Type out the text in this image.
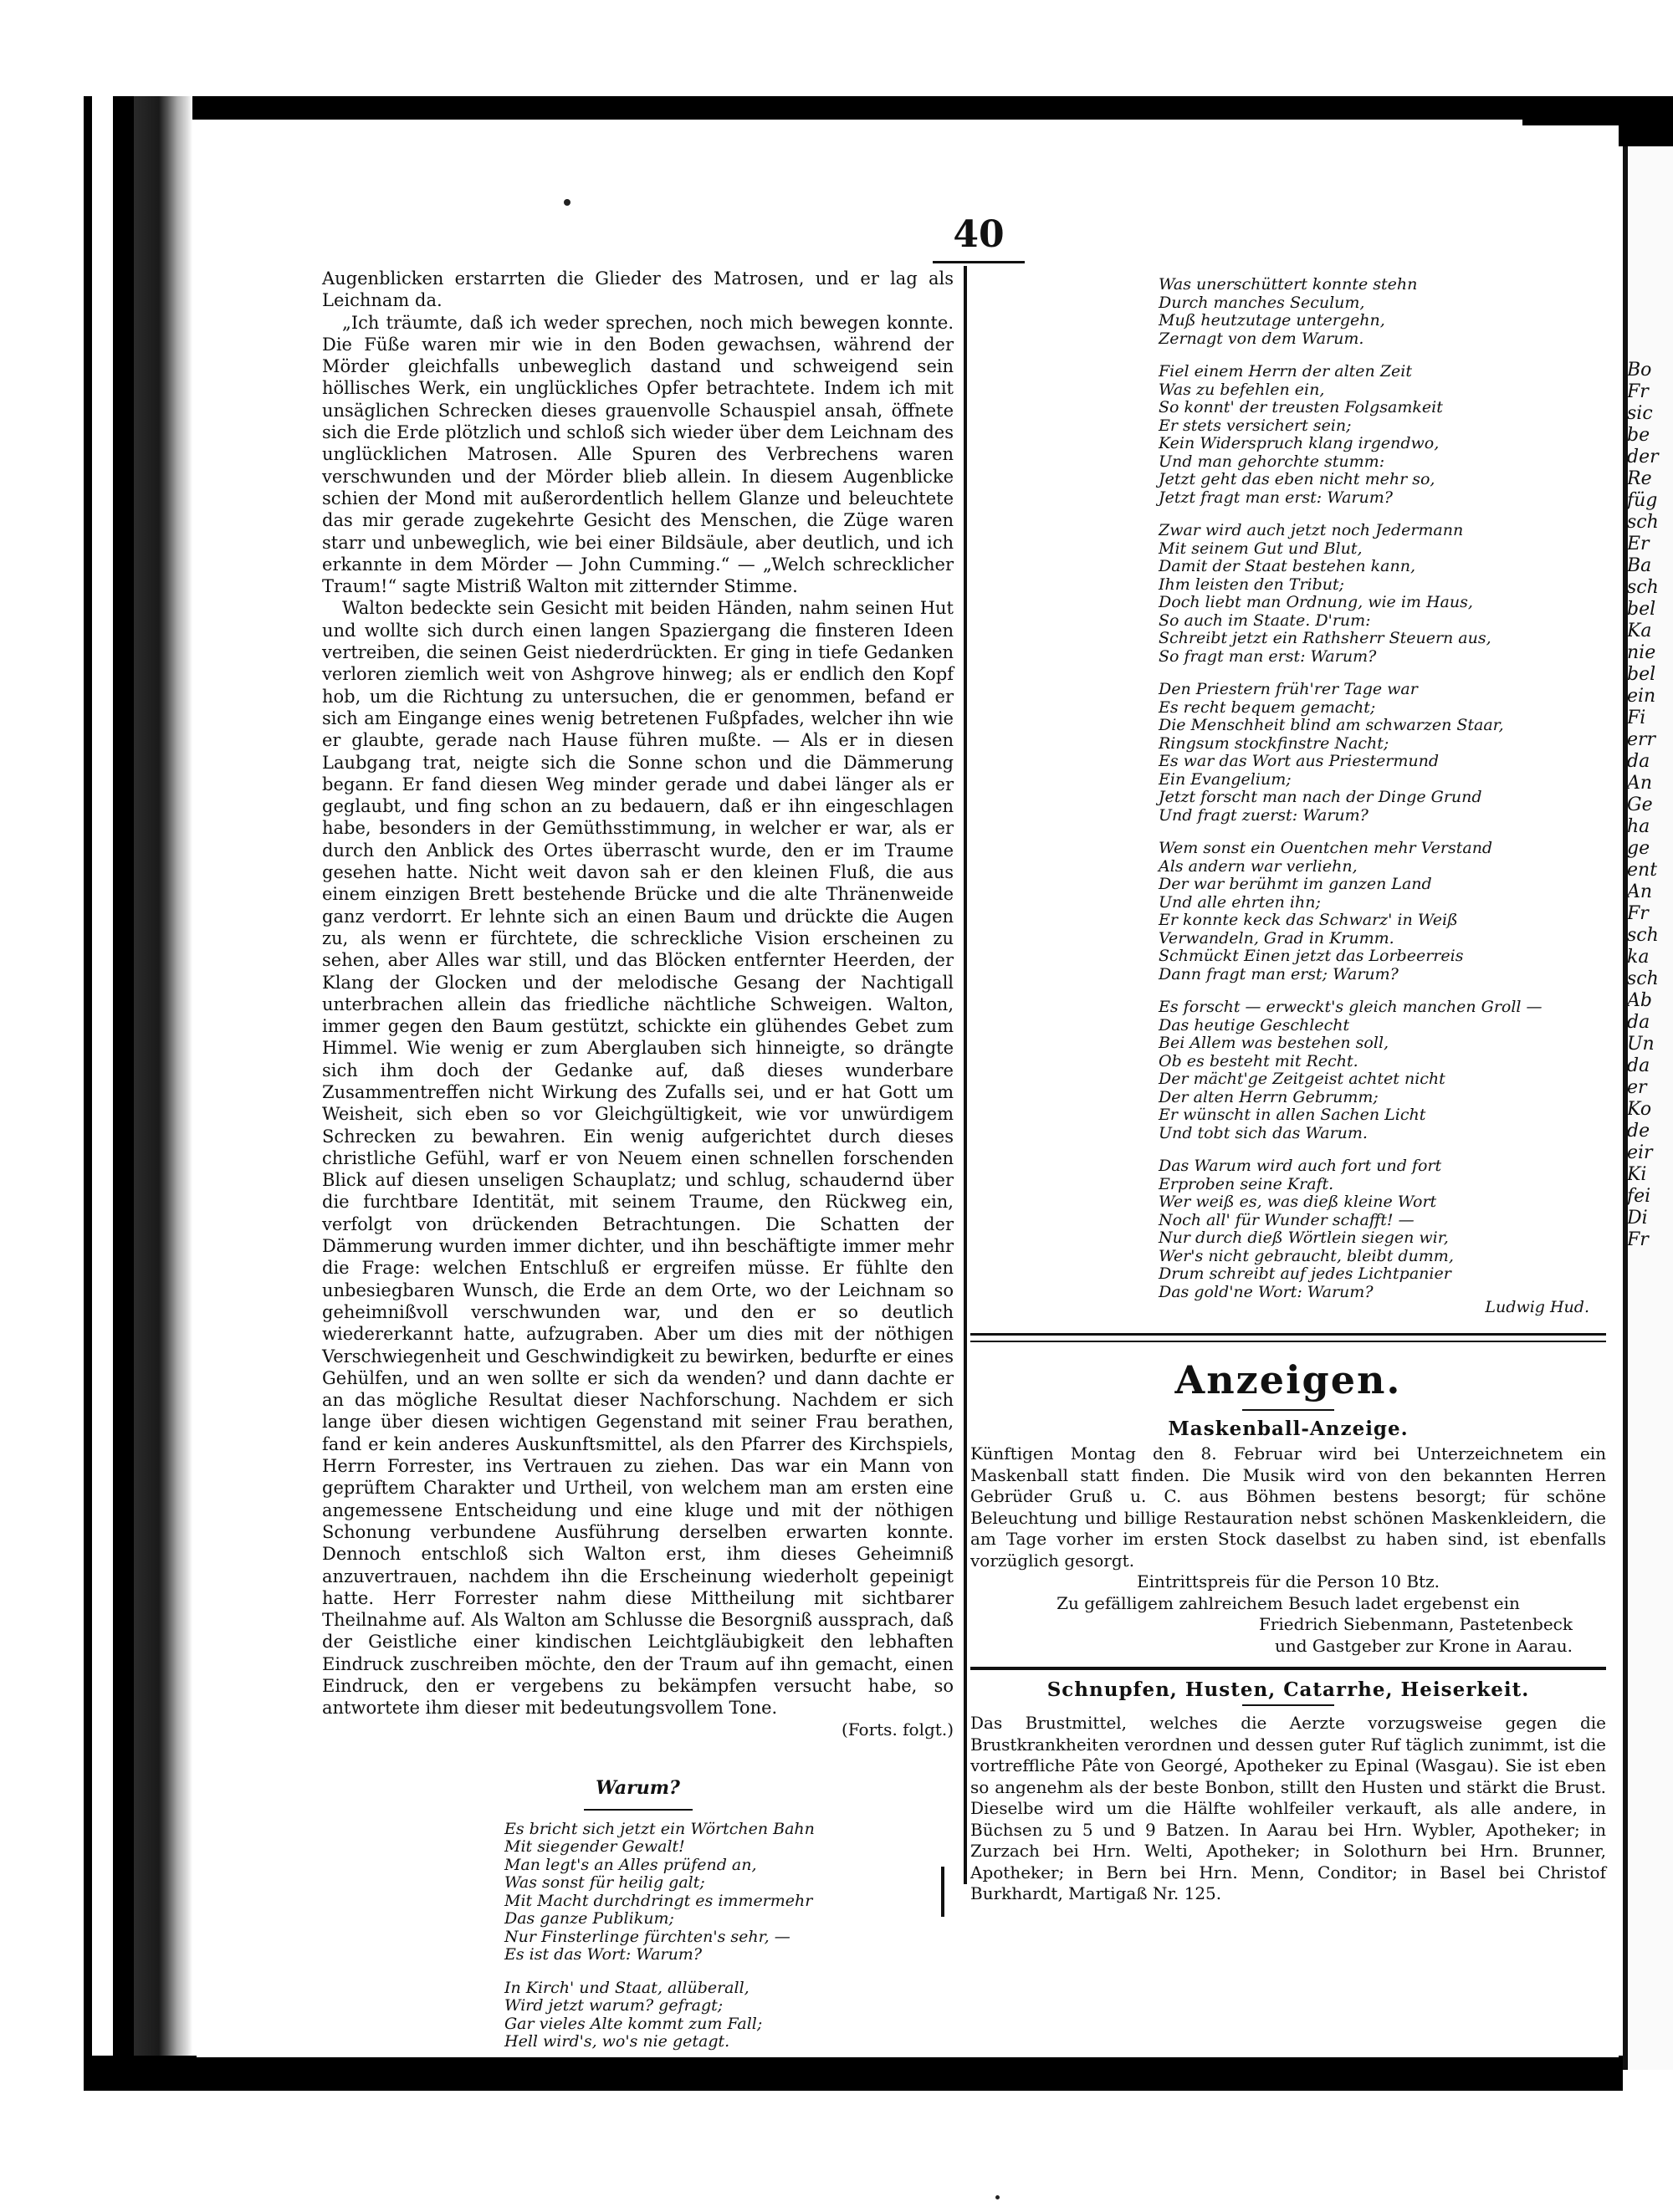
40

Augenblicken erstarrten die Glieder des Matrosen, und er lag als Leichnam da.

„Ich träumte, daß ich weder sprechen, noch mich bewegen konnte. Die Füße waren mir wie in den Boden gewachsen, während der Mörder gleichfalls unbeweglich dastand und schweigend sein höllisches Werk, ein unglückliches Opfer betrachtete. Indem ich mit unsäglichen Schrecken dieses grauenvolle Schauspiel ansah, öffnete sich die Erde plötzlich und schloß sich wieder über dem Leichnam des unglücklichen Matrosen. Alle Spuren des Verbrechens waren verschwunden und der Mörder blieb allein. In diesem Augenblicke schien der Mond mit außerordentlich hellem Glanze und beleuchtete das mir gerade zugekehrte Gesicht des Menschen, die Züge waren starr und unbeweglich, wie bei einer Bildsäule, aber deutlich, und ich erkannte in dem Mörder — John Cumming.“ — „Welch schrecklicher Traum!“ sagte Mistriß Walton mit zitternder Stimme.

Walton bedeckte sein Gesicht mit beiden Händen, nahm seinen Hut und wollte sich durch einen langen Spaziergang die finsteren Ideen vertreiben, die seinen Geist niederdrückten. Er ging in tiefe Gedanken verloren ziemlich weit von Ashgrove hinweg; als er endlich den Kopf hob, um die Richtung zu untersuchen, die er genommen, befand er sich am Eingange eines wenig betretenen Fußpfades, welcher ihn wie er glaubte, gerade nach Hause führen mußte. — Als er in diesen Laubgang trat, neigte sich die Sonne schon und die Dämmerung begann. Er fand diesen Weg minder gerade und dabei länger als er geglaubt, und fing schon an zu bedauern, daß er ihn eingeschlagen habe, besonders in der Gemüthsstimmung, in welcher er war, als er durch den Anblick des Ortes überrascht wurde, den er im Traume gesehen hatte. Nicht weit davon sah er den kleinen Fluß, die aus einem einzigen Brett bestehende Brücke und die alte Thränenweide ganz verdorrt. Er lehnte sich an einen Baum und drückte die Augen zu, als wenn er fürchtete, die schreckliche Vision erscheinen zu sehen, aber Alles war still, und das Blöcken entfernter Heerden, der Klang der Glocken und der melodische Gesang der Nachtigall unterbrachen allein das friedliche nächtliche Schweigen. Walton, immer gegen den Baum gestützt, schickte ein glühendes Gebet zum Himmel. Wie wenig er zum Aberglauben sich hinneigte, so drängte sich ihm doch der Gedanke auf, daß dieses wunderbare Zusammentreffen nicht Wirkung des Zufalls sei, und er hat Gott um Weisheit, sich eben so vor Gleichgültigkeit, wie vor unwürdigem Schrecken zu bewahren. Ein wenig aufgerichtet durch dieses christliche Gefühl, warf er von Neuem einen schnellen forschenden Blick auf diesen unseligen Schauplatz; und schlug, schaudernd über die furchtbare Identität, mit seinem Traume, den Rückweg ein, verfolgt von drückenden Betrachtungen. Die Schatten der Dämmerung wurden immer dichter, und ihn beschäftigte immer mehr die Frage: welchen Entschluß er ergreifen müsse. Er fühlte den unbesiegbaren Wunsch, die Erde an dem Orte, wo der Leichnam so geheimnißvoll verschwunden war, und den er so deutlich wiedererkannt hatte, aufzugraben. Aber um dies mit der nöthigen Verschwiegenheit und Geschwindigkeit zu bewirken, bedurfte er eines Gehülfen, und an wen sollte er sich da wenden? und dann dachte er an das mögliche Resultat dieser Nachforschung. Nachdem er sich lange über diesen wichtigen Gegenstand mit seiner Frau berathen, fand er kein anderes Auskunftsmittel, als den Pfarrer des Kirchspiels, Herrn Forrester, ins Vertrauen zu ziehen. Das war ein Mann von geprüftem Charakter und Urtheil, von welchem man am ersten eine angemessene Entscheidung und eine kluge und mit der nöthigen Schonung verbundene Ausführung derselben erwarten konnte. Dennoch entschloß sich Walton erst, ihm dieses Geheimniß anzuvertrauen, nachdem ihn die Erscheinung wiederholt gepeinigt hatte. Herr Forrester nahm diese Mittheilung mit sichtbarer Theilnahme auf. Als Walton am Schlusse die Besorgniß aussprach, daß der Geistliche einer kindischen Leichtgläubigkeit den lebhaften Eindruck zuschreiben möchte, den der Traum auf ihn gemacht, einen Eindruck, den er vergebens zu bekämpfen versucht habe, so antwortete ihm dieser mit bedeutungsvollem Tone.

(Forts. folgt.)
Warum?
Es bricht sich jetzt ein Wörtchen Bahn
Mit siegender Gewalt!
Man legt's an Alles prüfend an,
Was sonst für heilig galt;
Mit Macht durchdringt es immermehr
Das ganze Publikum;
Nur Finsterlinge fürchten's sehr, —
Es ist das Wort: Warum?
In Kirch' und Staat, allüberall,
Wird jetzt warum? gefragt;
Gar vieles Alte kommt zum Fall;
Hell wird's, wo's nie getagt.
Was unerschüttert konnte stehn
Durch manches Seculum,
Muß heutzutage untergehn,
Zernagt von dem Warum.
Fiel einem Herrn der alten Zeit
Was zu befehlen ein,
So konnt' der treusten Folgsamkeit
Er stets versichert sein;
Kein Widerspruch klang irgendwo,
Und man gehorchte stumm:
Jetzt geht das eben nicht mehr so,
Jetzt fragt man erst: Warum?
Zwar wird auch jetzt noch Jedermann
Mit seinem Gut und Blut,
Damit der Staat bestehen kann,
Ihm leisten den Tribut;
Doch liebt man Ordnung, wie im Haus,
So auch im Staate. D'rum:
Schreibt jetzt ein Rathsherr Steuern aus,
So fragt man erst: Warum?
Den Priestern früh'rer Tage war
Es recht bequem gemacht;
Die Menschheit blind am schwarzen Staar,
Ringsum stockfinstre Nacht;
Es war das Wort aus Priestermund
Ein Evangelium;
Jetzt forscht man nach der Dinge Grund
Und fragt zuerst: Warum?
Wem sonst ein Ouentchen mehr Verstand
Als andern war verliehn,
Der war berühmt im ganzen Land
Und alle ehrten ihn;
Er konnte keck das Schwarz' in Weiß
Verwandeln, Grad in Krumm.
Schmückt Einen jetzt das Lorbeerreis
Dann fragt man erst; Warum?
Es forscht — erweckt's gleich manchen Groll —
Das heutige Geschlecht
Bei Allem was bestehen soll,
Ob es besteht mit Recht.
Der mächt'ge Zeitgeist achtet nicht
Der alten Herrn Gebrumm;
Er wünscht in allen Sachen Licht
Und tobt sich das Warum.
Das Warum wird auch fort und fort
Erproben seine Kraft.
Wer weiß es, was dieß kleine Wort
Noch all' für Wunder schafft! —
Nur durch dieß Wörtlein siegen wir,
Wer's nicht gebraucht, bleibt dumm,
Drum schreibt auf jedes Lichtpanier
Das gold'ne Wort: Warum?
Ludwig Hud.
Anzeigen.
Maskenball-Anzeige.
Künftigen Montag den 8. Februar wird bei Unterzeichnetem ein Maskenball statt finden. Die Musik wird von den bekannten Herren Gebrüder Gruß u. C. aus Böhmen bestens besorgt; für schöne Beleuchtung und billige Restauration nebst schönen Maskenkleidern, die am Tage vorher im ersten Stock daselbst zu haben sind, ist ebenfalls vorzüglich gesorgt.
Eintrittspreis für die Person 10 Btz.
Zu gefälligem zahlreichem Besuch ladet ergebenst ein
Friedrich Siebenmann, Pastetenbeck
und Gastgeber zur Krone in Aarau.
Schnupfen, Husten, Catarrhe, Heiserkeit.
Das Brustmittel, welches die Aerzte vorzugsweise gegen die Brustkrankheiten verordnen und dessen guter Ruf täglich zunimmt, ist die vortreffliche Pâte von Georgé, Apotheker zu Epinal (Wasgau). Sie ist eben so angenehm als der beste Bonbon, stillt den Husten und stärkt die Brust. Dieselbe wird um die Hälfte wohlfeiler verkauft, als alle andere, in Büchsen zu 5 und 9 Batzen. In Aarau bei Hrn. Wybler, Apotheker; in Zurzach bei Hrn. Welti, Apotheker; in Solothurn bei Hrn. Brunner, Apotheker; in Bern bei Hrn. Menn, Conditor; in Basel bei Christof Burkhardt, Martigaß Nr. 125.
Bo
Fr
sic
be
der
Re
füg
sch
Er
Ba
sch
bel
Ka
nie
bel
ein
Fi
err
da
An
Ge
ha
ge
ent
An
Fr
sch
ka
sch
Ab
da
Un
da
er
Ko
de
eir
Ki
fei
Di
Fr
